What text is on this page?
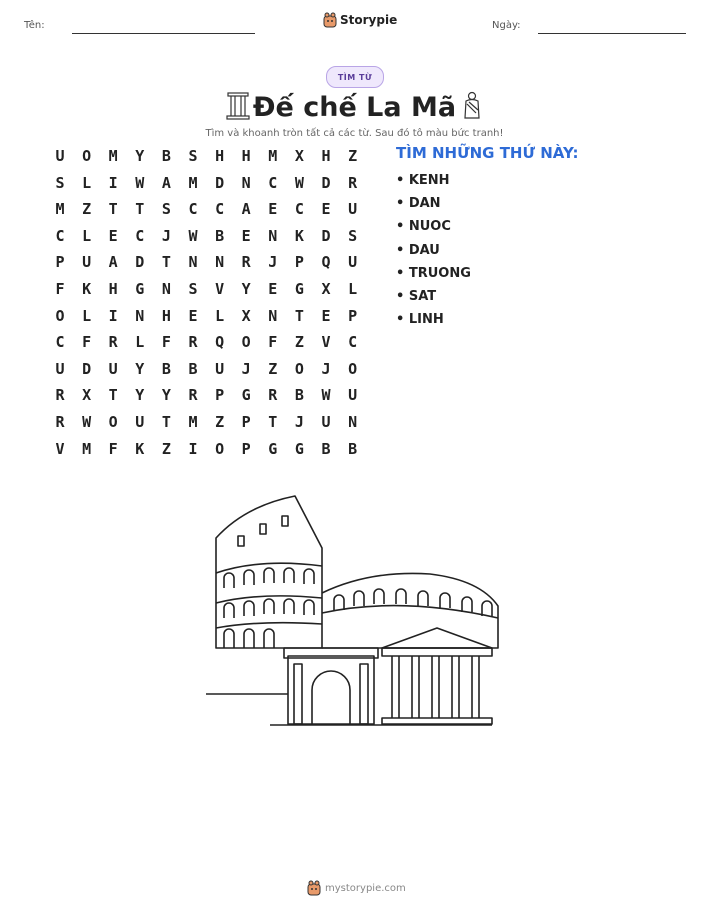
Tên:	Storypie	Ngày:
TÌM TỪ
Đế chế La Mã
Tìm và khoanh tròn tất cả các từ. Sau đó tô màu bức tranh!
U O M Y B S H H M X H Z
S L I W A M D N C W D R
M Z T T S C C A E C E U
C L E C J W B E N K D S
P U A D T N N R J P Q U
F K H G N S V Y E G X L
O L I N H E L X N T E P
C F R L F R Q O F Z V C
U D U Y B B U J Z O J O
R X T Y Y R P G R B W U
R W O U T M Z P T J U N
V M F K Z I O P G G B B
TÌM NHỮNG THỨ NÀY:
• KENH
• DAN
• NUOC
• DAU
• TRUONG
• SAT
• LINH
mystorypie.com
